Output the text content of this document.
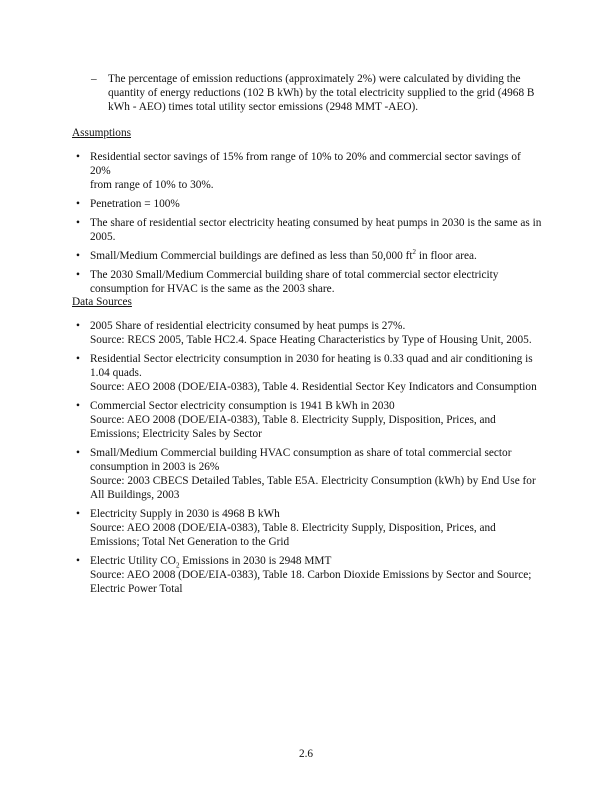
– The percentage of emission reductions (approximately 2%) were calculated by dividing the
quantity of energy reductions (102 B kWh) by the total electricity supplied to the grid (4968 B
kWh - AEO) times total utility sector emissions (2948 MMT -AEO).
Assumptions
• Residential sector savings of 15% from range of 10% to 20% and commercial sector savings of 20%
from range of 10% to 30%.
• Penetration = 100%
• The share of residential sector electricity heating consumed by heat pumps in 2030 is the same as in
2005.
• Small/Medium Commercial buildings are defined as less than 50,000 $ft^2$ in floor area.
• The 2030 Small/Medium Commercial building share of total commercial sector electricity
consumption for HVAC is the same as the 2003 share.
Data Sources
• 2005 Share of residential electricity consumed by heat pumps is 27%.
Source: RECS 2005, Table HC2.4. Space Heating Characteristics by Type of Housing Unit, 2005.
• Residential Sector electricity consumption in 2030 for heating is 0.33 quad and air conditioning is
1.04 quads.
Source: AEO 2008 (DOE/EIA-0383), Table 4. Residential Sector Key Indicators and Consumption
• Commercial Sector electricity consumption is 1941 B kWh in 2030
Source: AEO 2008 (DOE/EIA-0383), Table 8. Electricity Supply, Disposition, Prices, and
Emissions; Electricity Sales by Sector
• Small/Medium Commercial building HVAC consumption as share of total commercial sector
consumption in 2003 is 26%
Source: 2003 CBECS Detailed Tables, Table E5A. Electricity Consumption (kWh) by End Use for
All Buildings, 2003
• Electricity Supply in 2030 is 4968 B kWh
Source: AEO 2008 (DOE/EIA-0383), Table 8. Electricity Supply, Disposition, Prices, and
Emissions; Total Net Generation to the Grid
• Electric Utility $CO_2$ Emissions in 2030 is 2948 MMT
Source: AEO 2008 (DOE/EIA-0383), Table 18. Carbon Dioxide Emissions by Sector and Source;
Electric Power Total
2.6
